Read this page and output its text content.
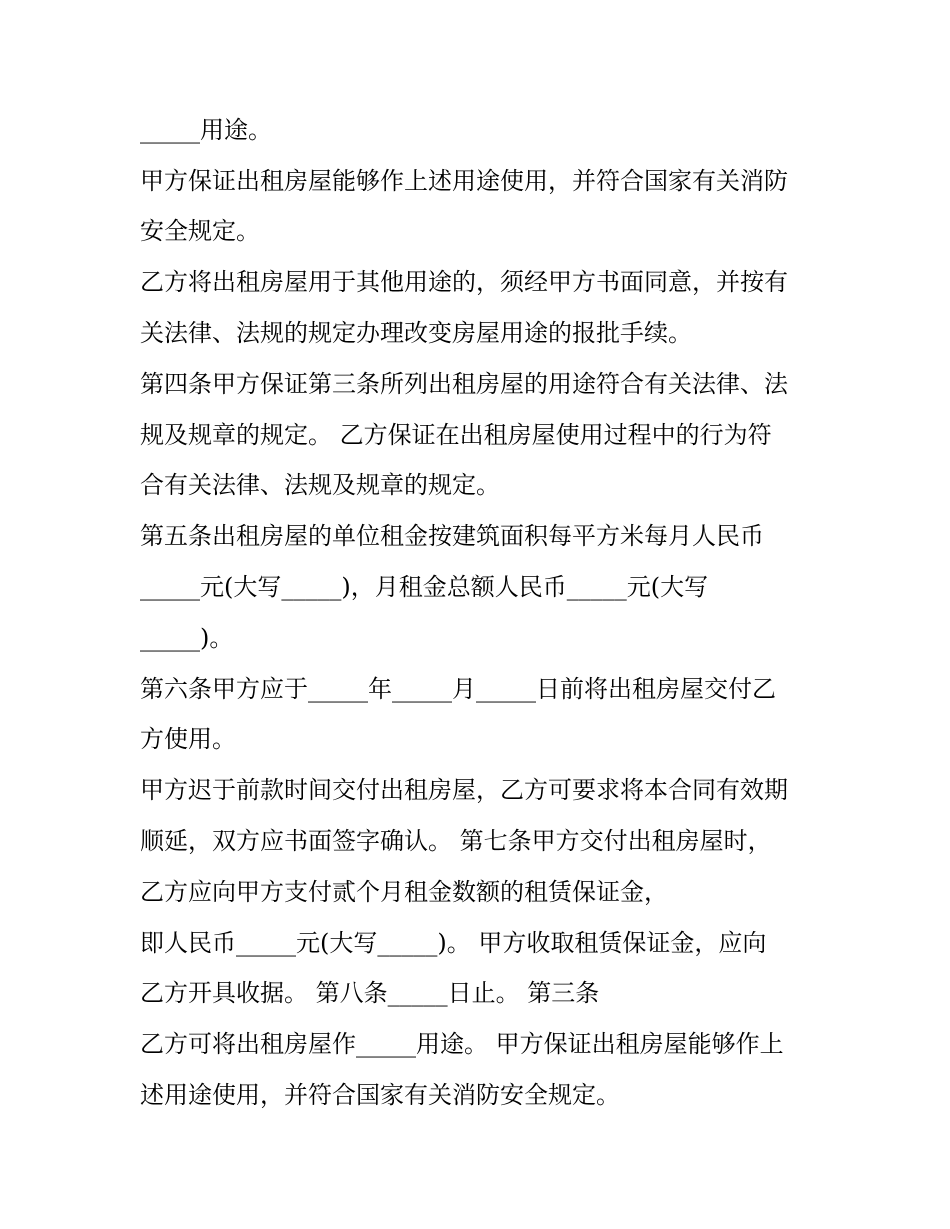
_____用途。
甲方保证出租房屋能够作上述用途使用，并符合国家有关消防
安全规定。
乙方将出租房屋用于其他用途的，须经甲方书面同意，并按有
关法律、法规的规定办理改变房屋用途的报批手续。
第四条甲方保证第三条所列出租房屋的用途符合有关法律、法
规及规章的规定。 乙方保证在出租房屋使用过程中的行为符
合有关法律、法规及规章的规定。
第五条出租房屋的单位租金按建筑面积每平方米每月人民币
_____元(大写_____)，月租金总额人民币_____元(大写
_____)。
第六条甲方应于_____年_____月_____日前将出租房屋交付乙
方使用。
甲方迟于前款时间交付出租房屋，乙方可要求将本合同有效期
顺延，双方应书面签字确认。 第七条甲方交付出租房屋时，
乙方应向甲方支付贰个月租金数额的租赁保证金，
即人民币_____元(大写_____)。 甲方收取租赁保证金，应向
乙方开具收据。 第八条_____日止。 第三条
乙方可将出租房屋作_____用途。 甲方保证出租房屋能够作上
述用途使用，并符合国家有关消防安全规定。
